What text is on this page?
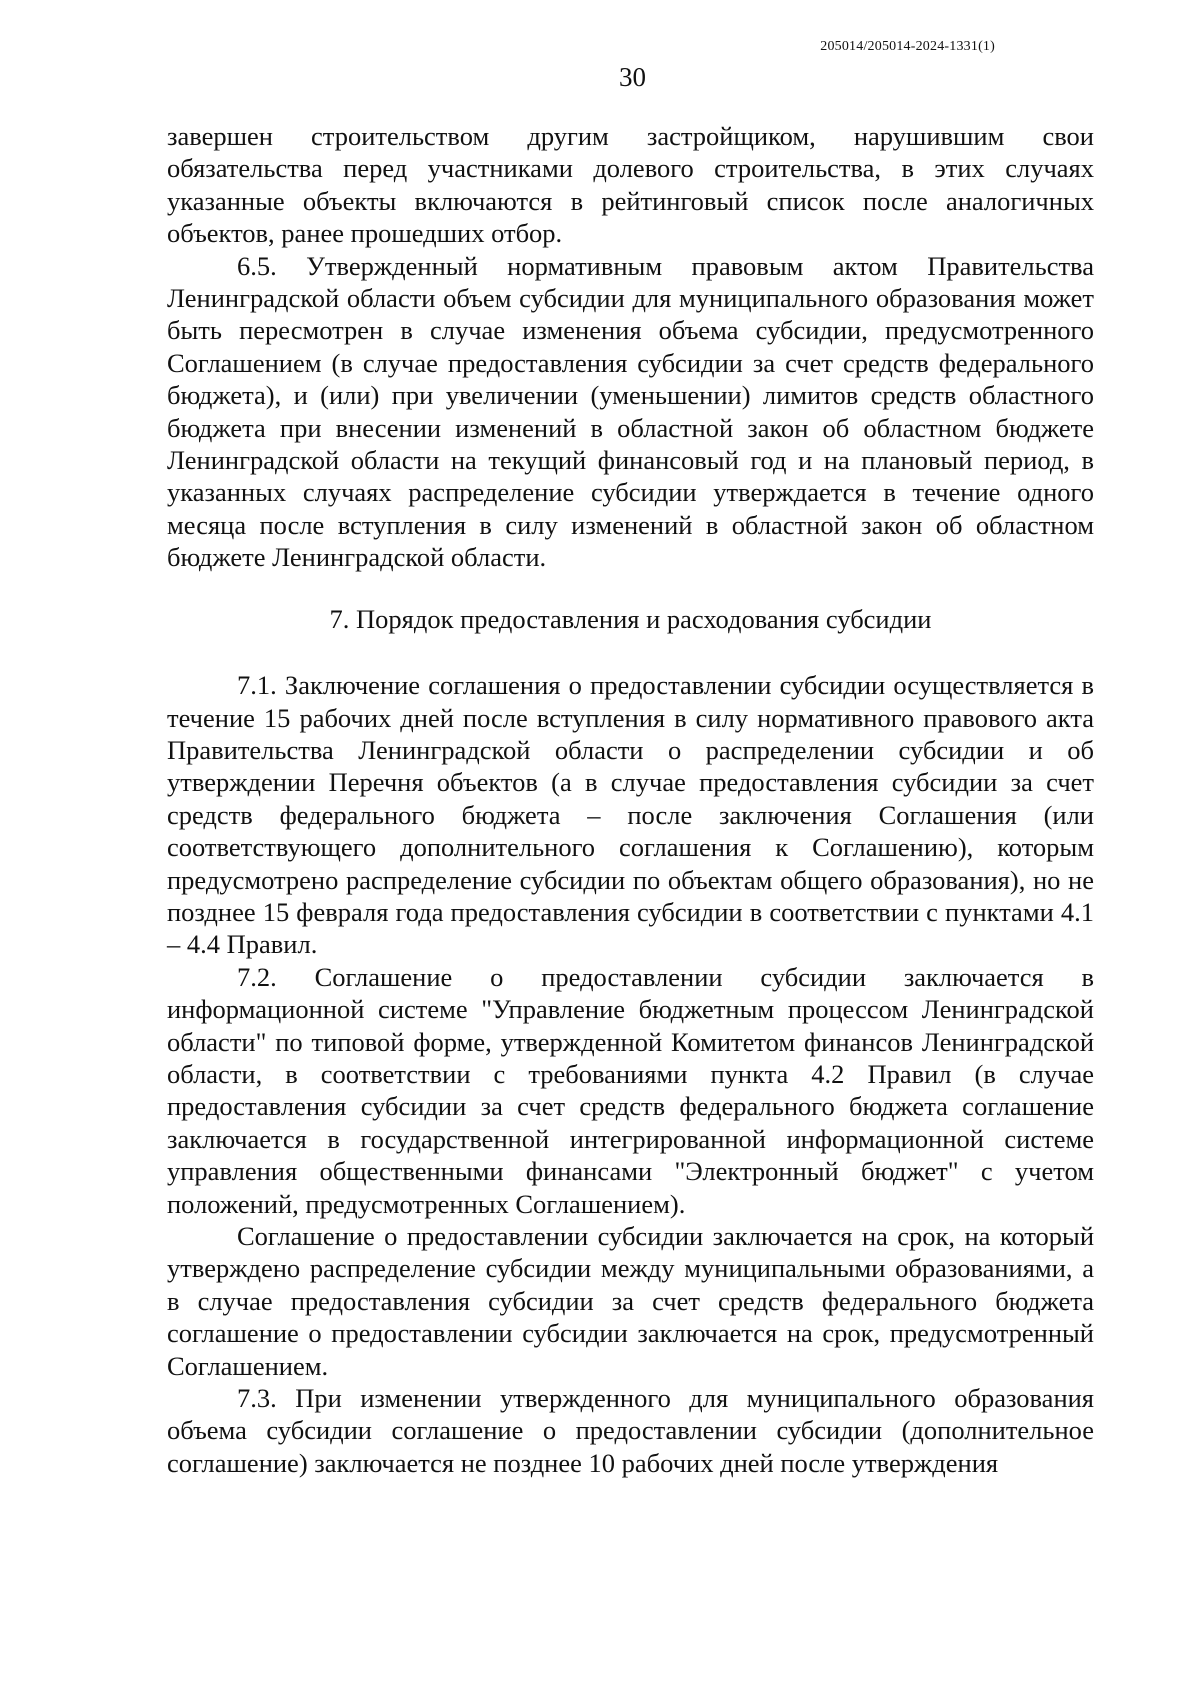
205014/205014-2024-1331(1)
30

завершен строительством другим застройщиком, нарушившим свои обязательства перед участниками долевого строительства, в этих случаях указанные объекты включаются в рейтинговый список после аналогичных объектов, ранее прошедших отбор.

6.5. Утвержденный нормативным правовым актом Правительства Ленинградской области объем субсидии для муниципального образования может быть пересмотрен в случае изменения объема субсидии, предусмотренного Соглашением (в случае предоставления субсидии за счет средств федерального бюджета), и (или) при увеличении (уменьшении) лимитов средств областного бюджета при внесении изменений в областной закон об областном бюджете Ленинградской области на текущий финансовый год и на плановый период, в указанных случаях распределение субсидии утверждается в течение одного месяца после вступления в силу изменений в областной закон об областном бюджете Ленинградской области.

7. Порядок предоставления и расходования субсидии

7.1. Заключение соглашения о предоставлении субсидии осуществляется в течение 15 рабочих дней после вступления в силу нормативного правового акта Правительства Ленинградской области о распределении субсидии и об утверждении Перечня объектов (а в случае предоставления субсидии за счет средств федерального бюджета – после заключения Соглашения (или соответствующего дополнительного соглашения к Соглашению), которым предусмотрено распределение субсидии по объектам общего образования), но не позднее 15 февраля года предоставления субсидии в соответствии с пунктами 4.1 – 4.4 Правил.

7.2. Соглашение о предоставлении субсидии заключается в информационной системе "Управление бюджетным процессом Ленинградской области" по типовой форме, утвержденной Комитетом финансов Ленинградской области, в соответствии с требованиями пункта 4.2 Правил (в случае предоставления субсидии за счет средств федерального бюджета соглашение заключается в государственной интегрированной информационной системе управления общественными финансами "Электронный бюджет" с учетом положений, предусмотренных Соглашением).

Соглашение о предоставлении субсидии заключается на срок, на который утверждено распределение субсидии между муниципальными образованиями, а в случае предоставления субсидии за счет средств федерального бюджета соглашение о предоставлении субсидии заключается на срок, предусмотренный Соглашением.

7.3. При изменении утвержденного для муниципального образования объема субсидии соглашение о предоставлении субсидии (дополнительное соглашение) заключается не позднее 10 рабочих дней после утверждения
